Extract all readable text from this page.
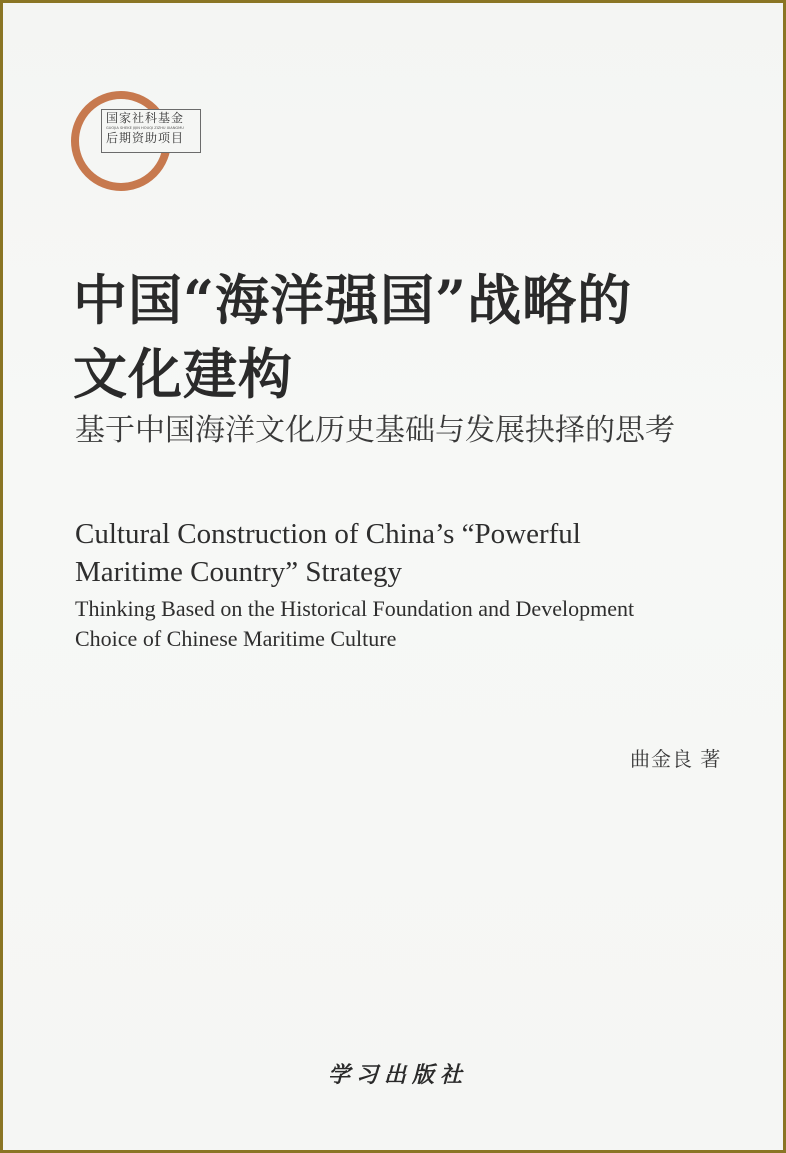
国家社科基金
GUOJIA SHEKE JIJIN HOUQI ZIZHU XIANGMU
后期资助项目
中国“海洋强国”战略的
文化建构
基于中国海洋文化历史基础与发展抉择的思考
Cultural Construction of China’s “Powerful
Maritime Country” Strategy
Thinking Based on the Historical Foundation and Development
Choice of Chinese Maritime Culture
曲金良 著
学习出版社
